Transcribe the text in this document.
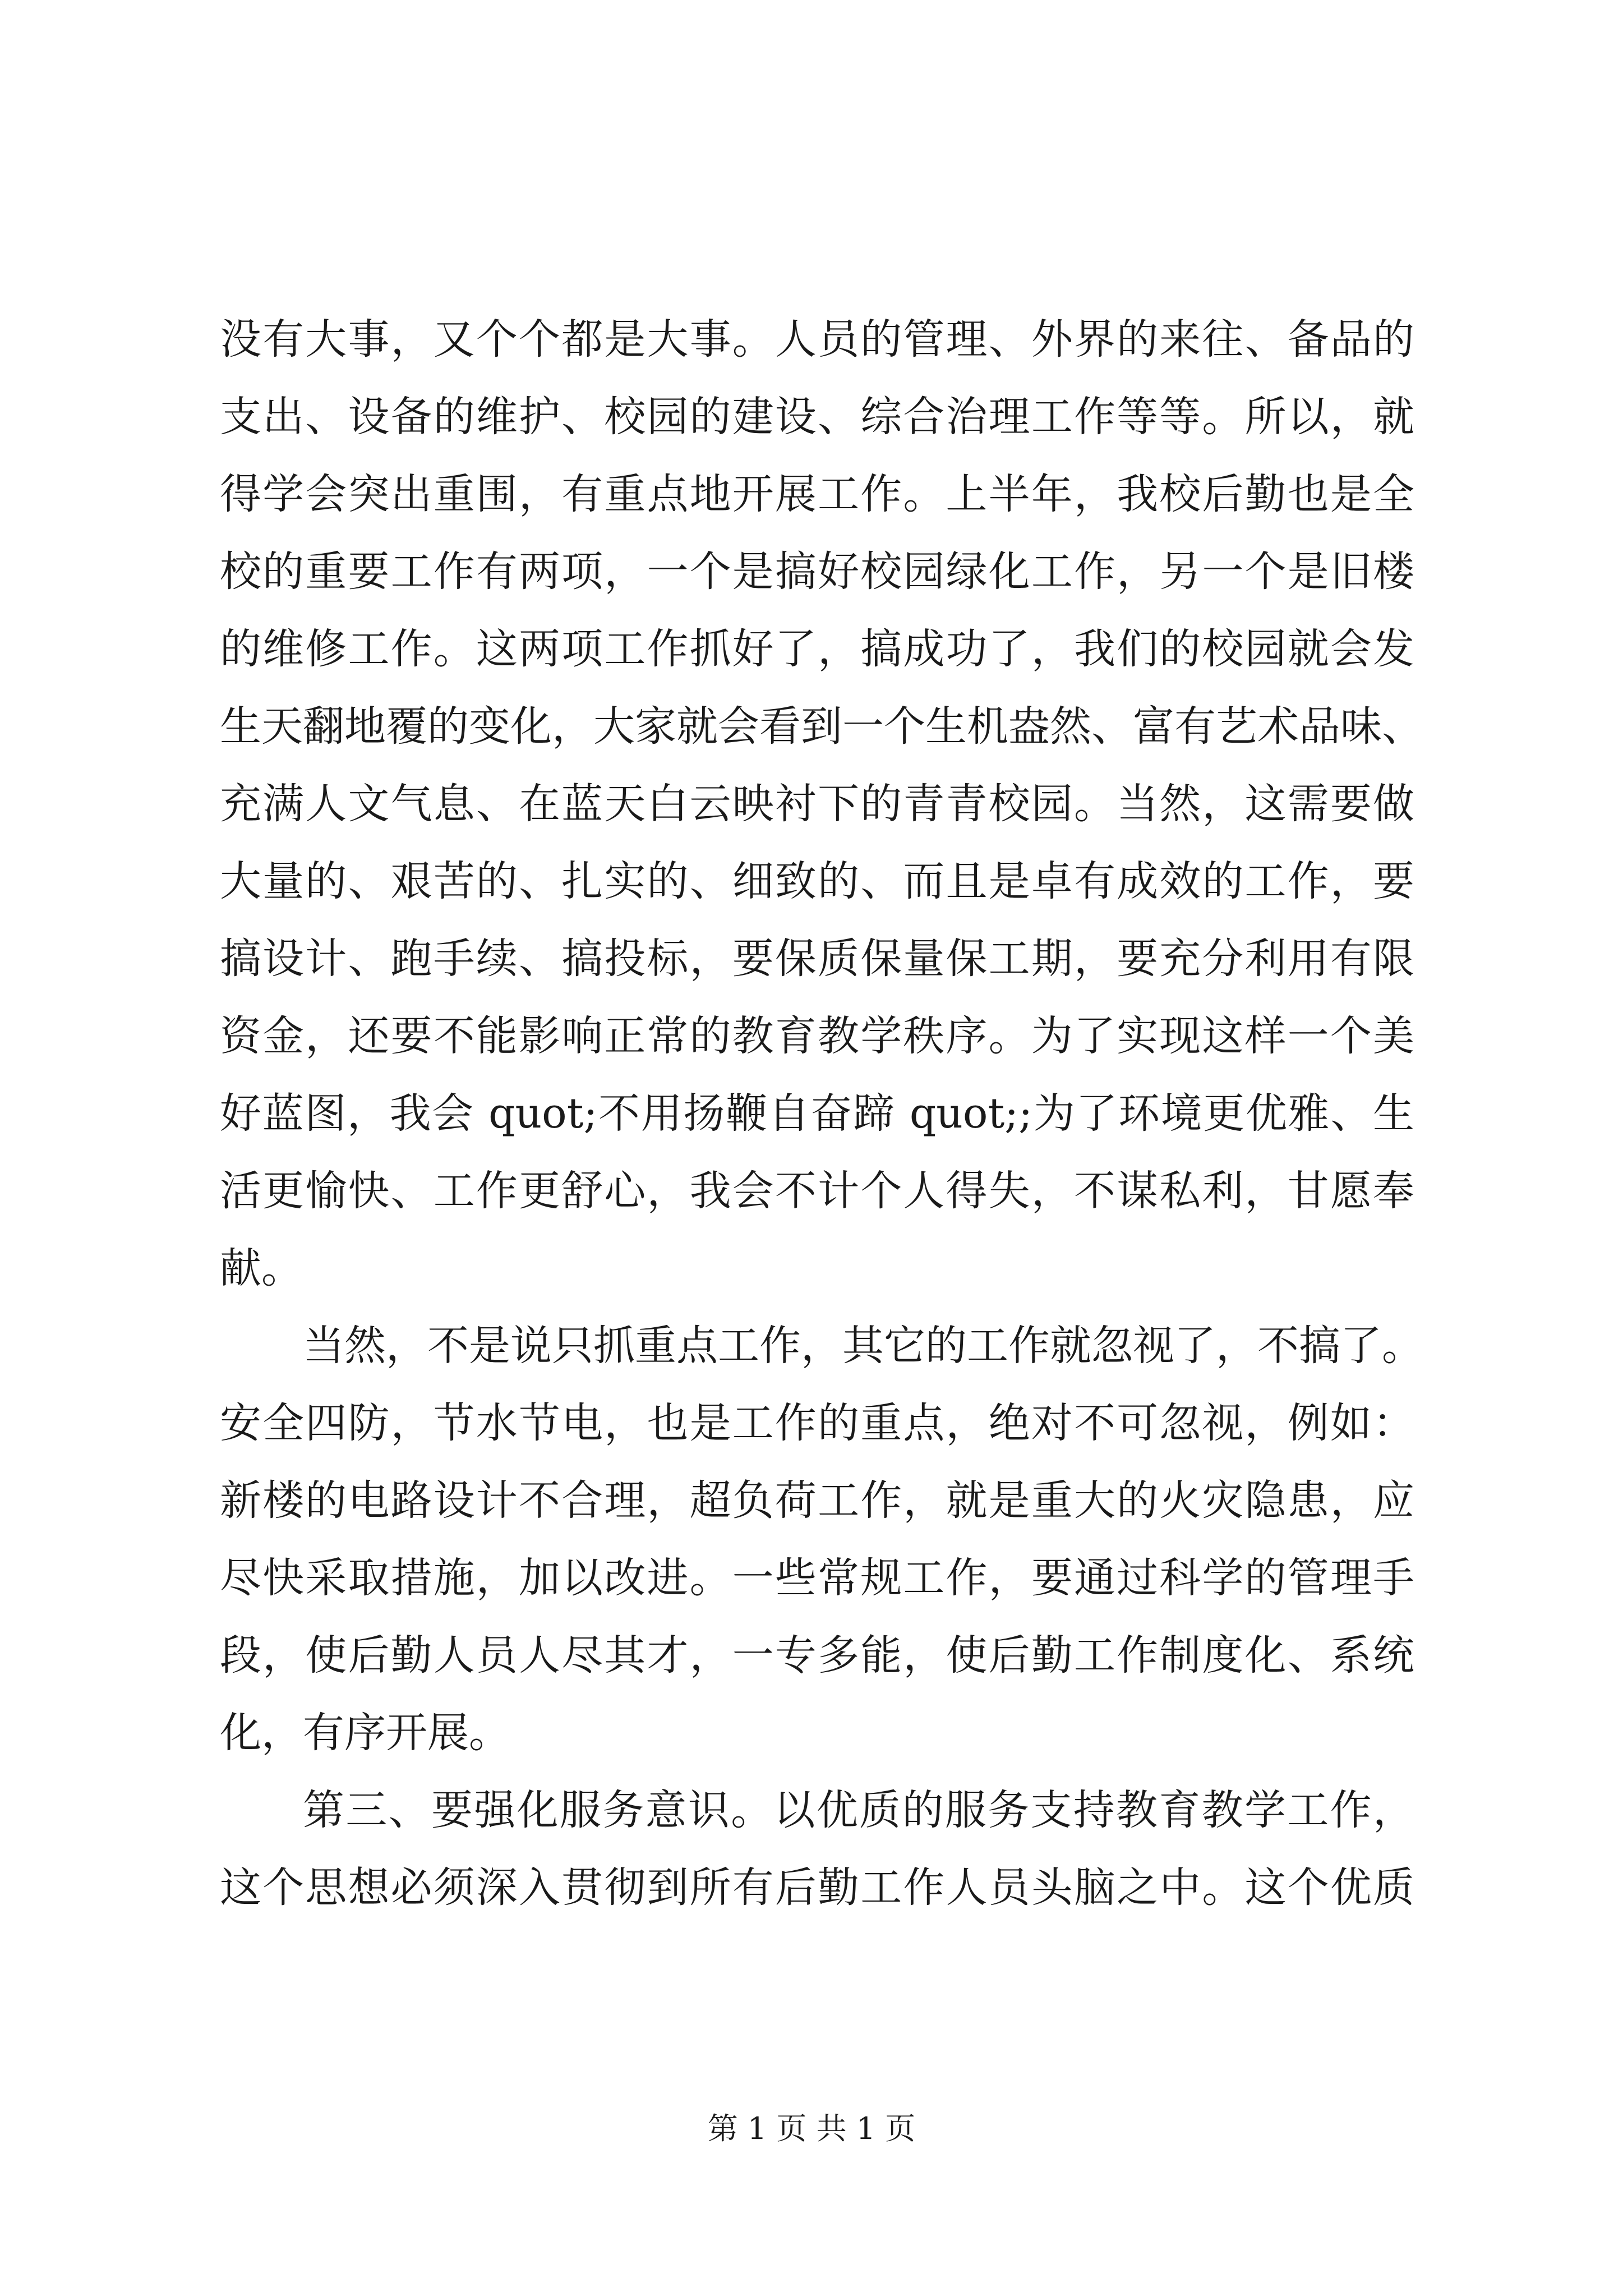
没有大事，又个个都是大事。人员的管理、外界的来往、备品的
支出、设备的维护、校园的建设、综合治理工作等等。所以，就
得学会突出重围，有重点地开展工作。上半年，我校后勤也是全
校的重要工作有两项，一个是搞好校园绿化工作，另一个是旧楼
的维修工作。这两项工作抓好了，搞成功了，我们的校园就会发
生天翻地覆的变化，大家就会看到一个生机盎然、富有艺术品味、
充满人文气息、在蓝天白云映衬下的青青校园。当然，这需要做
大量的、艰苦的、扎实的、细致的、而且是卓有成效的工作，要
搞设计、跑手续、搞投标，要保质保量保工期，要充分利用有限
资金，还要不能影响正常的教育教学秩序。为了实现这样一个美
好蓝图，我会 quot;不用扬鞭自奋蹄 quot;;为了环境更优雅、生
活更愉快、工作更舒心，我会不计个人得失，不谋私利，甘愿奉
献。
当然，不是说只抓重点工作，其它的工作就忽视了，不搞了。
安全四防，节水节电，也是工作的重点，绝对不可忽视，例如：
新楼的电路设计不合理，超负荷工作，就是重大的火灾隐患，应
尽快采取措施，加以改进。一些常规工作，要通过科学的管理手
段，使后勤人员人尽其才，一专多能，使后勤工作制度化、系统
化，有序开展。
第三、要强化服务意识。以优质的服务支持教育教学工作，
这个思想必须深入贯彻到所有后勤工作人员头脑之中。这个优质
第 1 页 共 1 页
